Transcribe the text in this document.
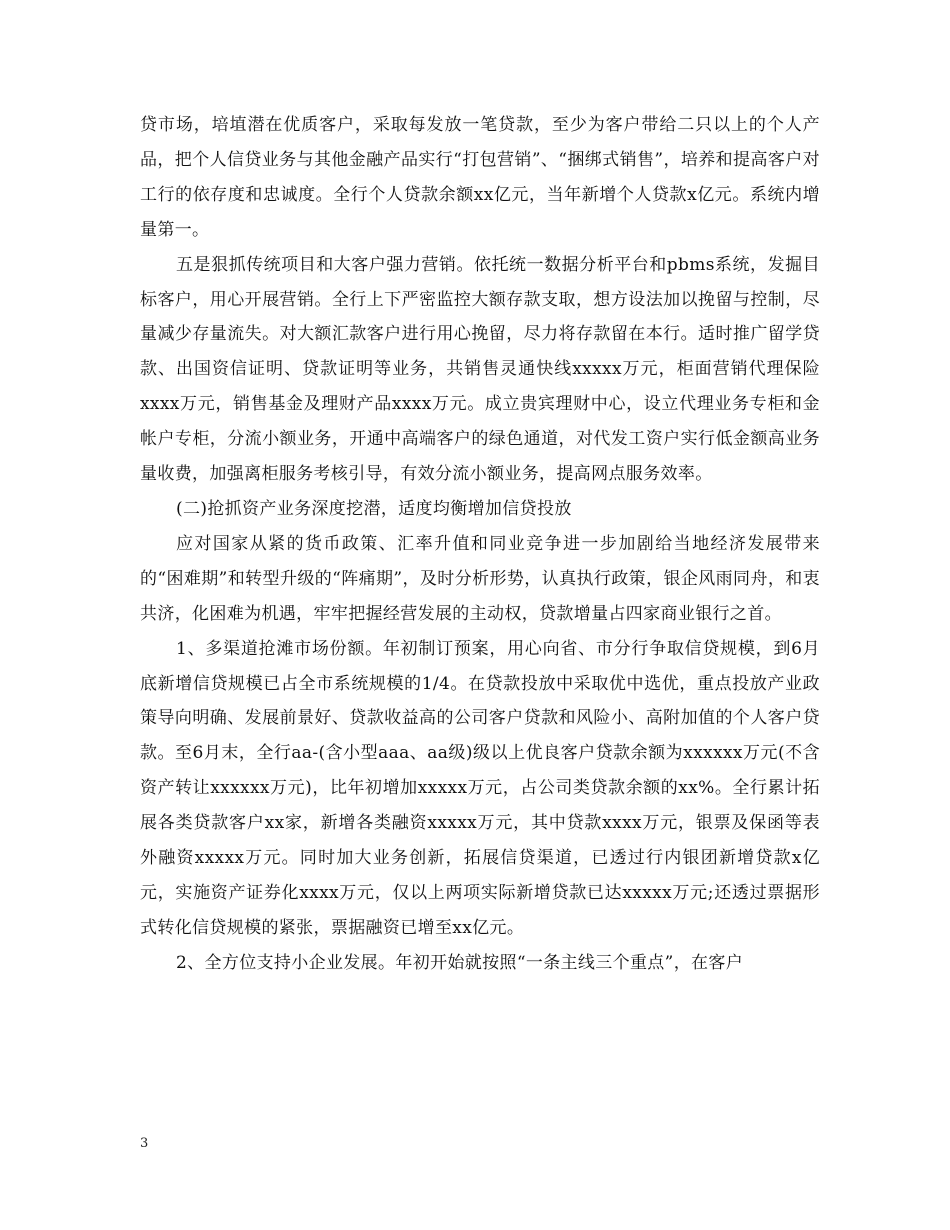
贷市场，培埴潜在优质客户，采取每发放一笔贷款，至少为客户带给二只以上的个人产品，把个人信贷业务与其他金融产品实行“打包营销”、“捆绑式销售”，培养和提高客户对工行的依存度和忠诚度。全行个人贷款余额xx亿元，当年新增个人贷款x亿元。系统内增量第一。

五是狠抓传统项目和大客户强力营销。依托统一数据分析平台和pbms系统，发掘目标客户，用心开展营销。全行上下严密监控大额存款支取，想方设法加以挽留与控制，尽量减少存量流失。对大额汇款客户进行用心挽留，尽力将存款留在本行。适时推广留学贷款、出国资信证明、贷款证明等业务，共销售灵通快线xxxxx万元，柜面营销代理保险xxxx万元，销售基金及理财产品xxxx万元。成立贵宾理财中心，设立代理业务专柜和金帐户专柜，分流小额业务，开通中高端客户的绿色通道，对代发工资户实行低金额高业务量收费，加强离柜服务考核引导，有效分流小额业务，提高网点服务效率。

(二)抢抓资产业务深度挖潜，适度均衡增加信贷投放

应对国家从紧的货币政策、汇率升值和同业竞争进一步加剧给当地经济发展带来的“困难期”和转型升级的“阵痛期”，及时分析形势，认真执行政策，银企风雨同舟，和衷共济，化困难为机遇，牢牢把握经营发展的主动权，贷款增量占四家商业银行之首。

1、多渠道抢滩市场份额。年初制订预案，用心向省、市分行争取信贷规模，到6月底新增信贷规模已占全市系统规模的1/4。在贷款投放中采取优中选优，重点投放产业政策导向明确、发展前景好、贷款收益高的公司客户贷款和风险小、高附加值的个人客户贷款。至6月末，全行aa-(含小型aaa、aa级)级以上优良客户贷款余额为xxxxxx万元(不含资产转让xxxxxx万元)，比年初增加xxxxx万元，占公司类贷款余额的xx%。全行累计拓展各类贷款客户xx家，新增各类融资xxxxx万元，其中贷款xxxx万元，银票及保函等表外融资xxxxx万元。同时加大业务创新，拓展信贷渠道，已透过行内银团新增贷款x亿元，实施资产证券化xxxx万元，仅以上两项实际新增贷款已达xxxxx万元;还透过票据形式转化信贷规模的紧张，票据融资已增至xx亿元。

2、全方位支持小企业发展。年初开始就按照“一条主线三个重点”，在客户

3
